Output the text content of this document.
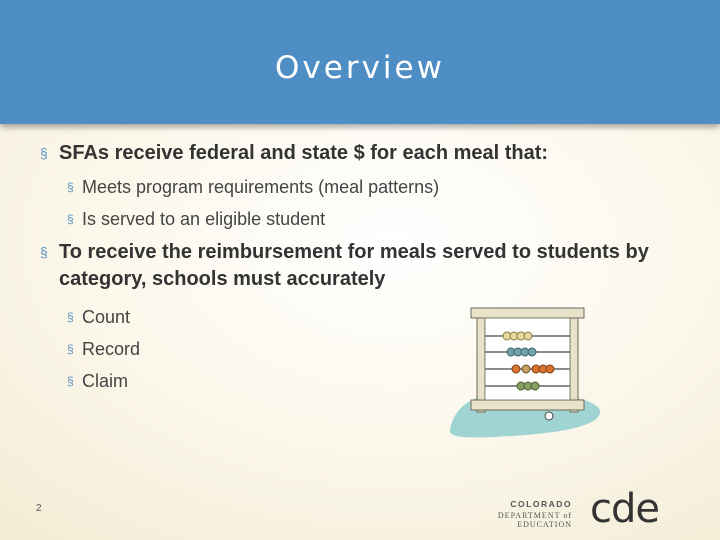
Overview
§ SFAs receive federal and state $ for each meal that:
§ Meets program requirements (meal patterns)
§ Is served to an eligible student
§ To receive the reimbursement for meals served to students by category, schools must accurately
§ Count
§ Record
§ Claim
2	COLORADO
DEPARTMENT of EDUCATION cde
